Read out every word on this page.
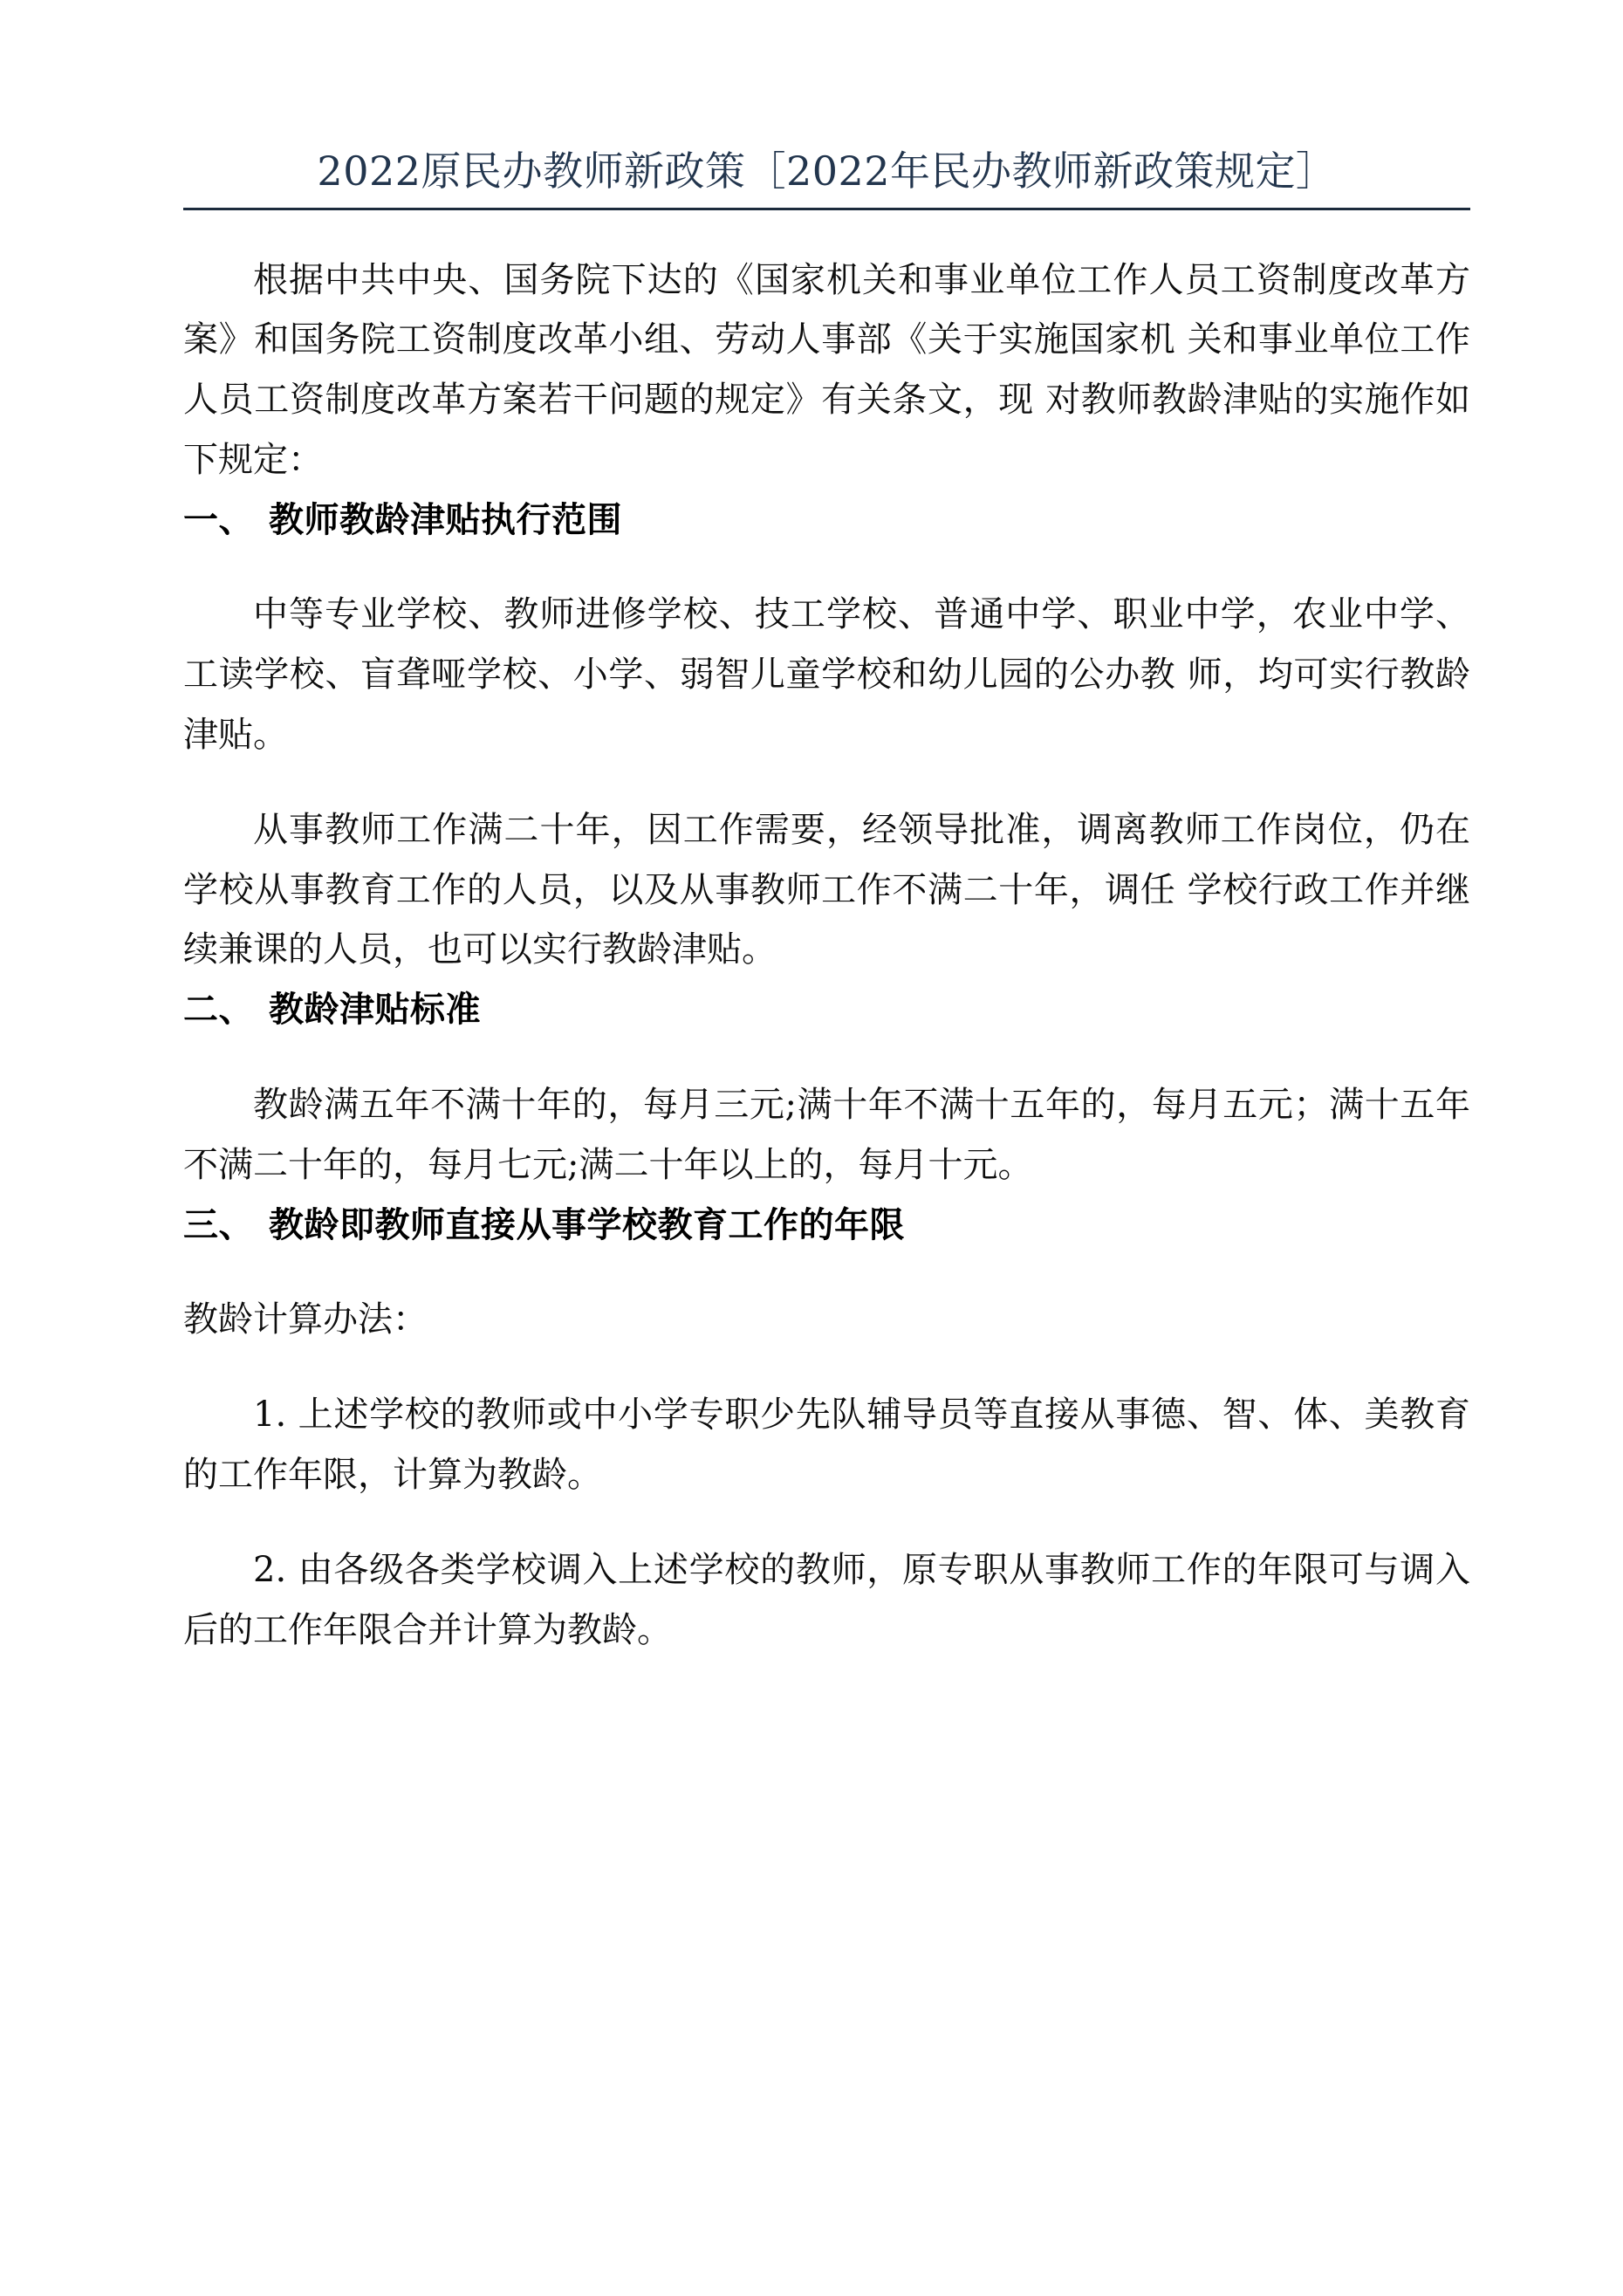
2022原民办教师新政策［2022年民办教师新政策规定］

根据中共中央、国务院下达的《国家机关和事业单位工作人员工资制度改革方案》和国务院工资制度改革小组、劳动人事部《关于实施国家机 关和事业单位工作人员工资制度改革方案若干问题的规定》有关条文，现 对教师教龄津贴的实施作如下规定：

一、 教师教龄津贴执行范围

中等专业学校、教师进修学校、技工学校、普通中学、职业中学，农业中学、工读学校、盲聋哑学校、小学、弱智儿童学校和幼儿园的公办教 师，均可实行教龄津贴。

从事教师工作满二十年，因工作需要，经领导批准，调离教师工作岗位，仍在学校从事教育工作的人员，以及从事教师工作不满二十年，调任 学校行政工作并继续兼课的人员，也可以实行教龄津贴。

二、 教龄津贴标准

教龄满五年不满十年的，每月三元;满十年不满十五年的，每月五元；满十五年不满二十年的，每月七元;满二十年以上的，每月十元。

三、 教龄即教师直接从事学校教育工作的年限

教龄计算办法：

1. 上述学校的教师或中小学专职少先队辅导员等直接从事德、智、体、美教育的工作年限，计算为教龄。

2. 由各级各类学校调入上述学校的教师，原专职从事教师工作的年限可与调入后的工作年限合并计算为教龄。
